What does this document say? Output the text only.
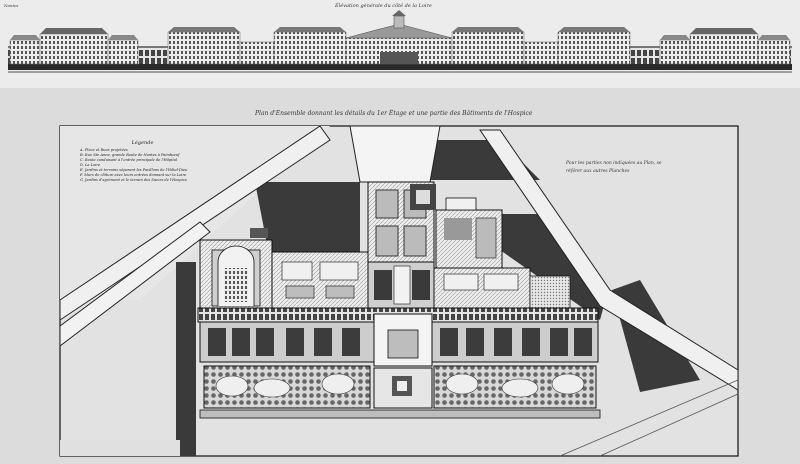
Nantes	Élévation générale du côté de la Loire
Plan d'Ensemble donnant les détails du 1er Étage et une partie des Bâtiments de l'Hospice
Légende
A. Place et Rues projetées
B. Rue Ste Anne, grande Route de Nantes à Paimbœuf
C. Route conduisant à l'entrée principale de l'Hôpital
D. La Loire
E. Jardins et terrains séparant les Pavillons de l'Hôtel-Dieu
F. Murs de clôture avec leurs entrées donnant sur la Loire
G. Jardins d'agrément et le terrain des Sœurs de l'Hospice
Pour les parties non indiquées au Plan, se référer aux autres Planches
